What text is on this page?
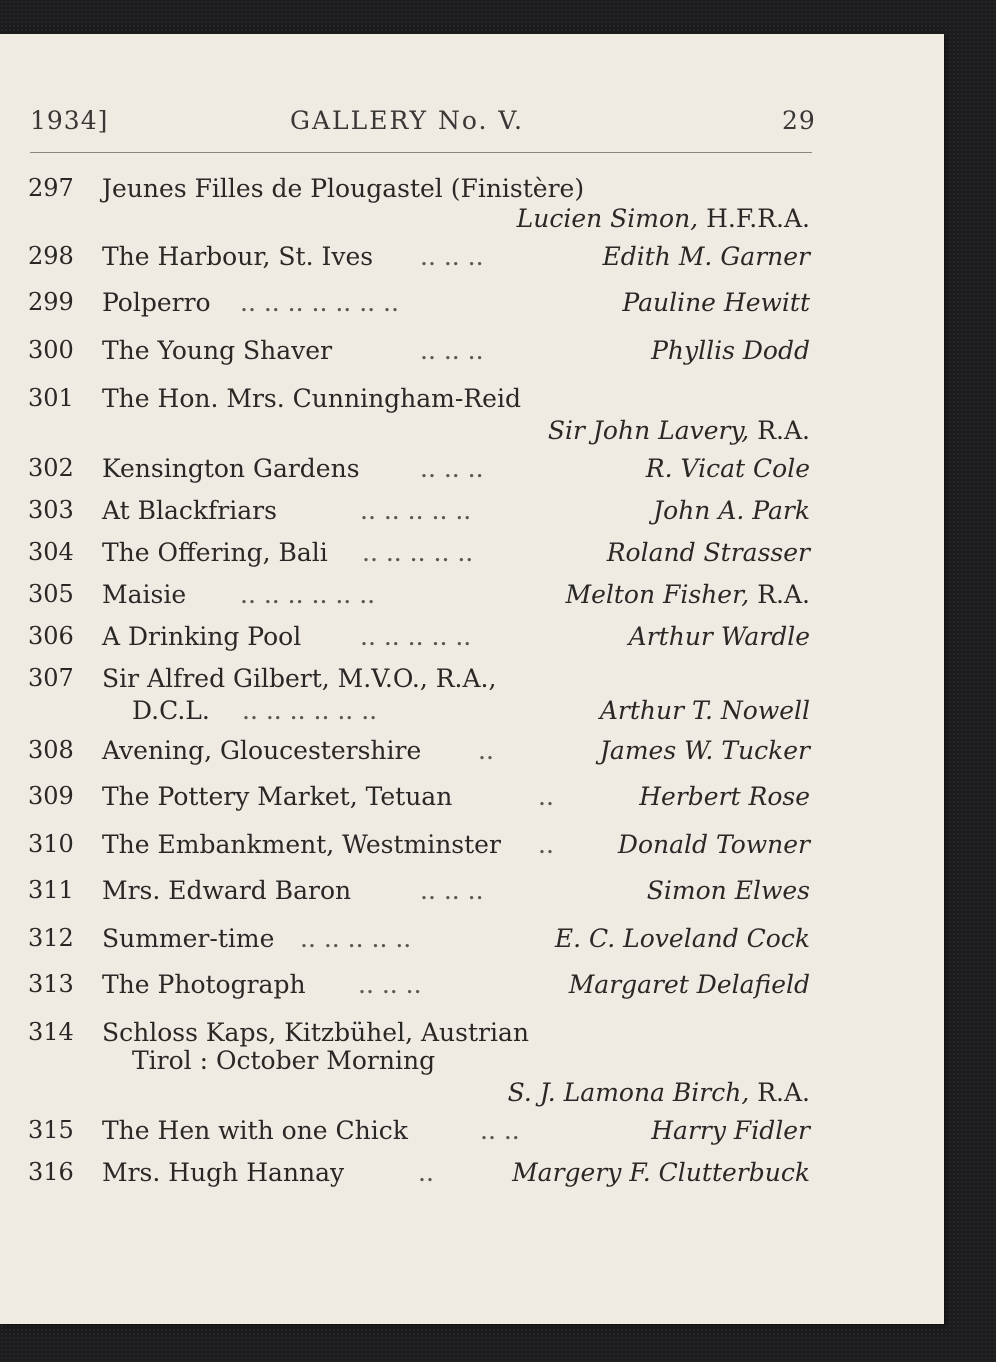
1934]	GALLERY No. V.	29
297 Jeunes Filles de Plougastel (Finistère)
Lucien Simon, H.F.R.A.
298 The Harbour, St. Ives .. .. ..	Edith M. Garner
299 Polperro .. .. .. .. .. .. ..	Pauline Hewitt
300 The Young Shaver	.. .. ..	Phyllis Dodd
301 The Hon. Mrs. Cunningham-Reid
Sir John Lavery, R.A.
302 Kensington Gardens .. .. ..	R. Vicat Cole
303 At Blackfriars	.. .. .. .. ..	John A. Park
304 The Offering, Bali .. .. .. .. ..	Roland Strasser
305 Maisie .. .. .. .. .. ..	Melton Fisher, R.A.
306 A Drinking Pool .. .. .. .. ..	Arthur Wardle
307 Sir Alfred Gilbert, M.V.O., R.A.,
D.C.L. .. .. .. .. .. ..	Arthur T. Nowell
308 Avening, Gloucestershire ..	James W. Tucker
309 The Pottery Market, Tetuan	..	Herbert Rose
310 The Embankment, Westminster ..	Donald Towner
311 Mrs. Edward Baron	.. .. ..	Simon Elwes
312 Summer-time .. .. .. .. ..	E. C. Loveland Cock
313 The Photograph .. .. ..	Margaret Delafield
314 Schloss Kaps, Kitzbühel, Austrian
Tirol : October Morning
S. J. Lamona Birch, R.A.
315 The Hen with one Chick	.. ..	Harry Fidler
316 Mrs. Hugh Hannay	..	Margery F. Clutterbuck
